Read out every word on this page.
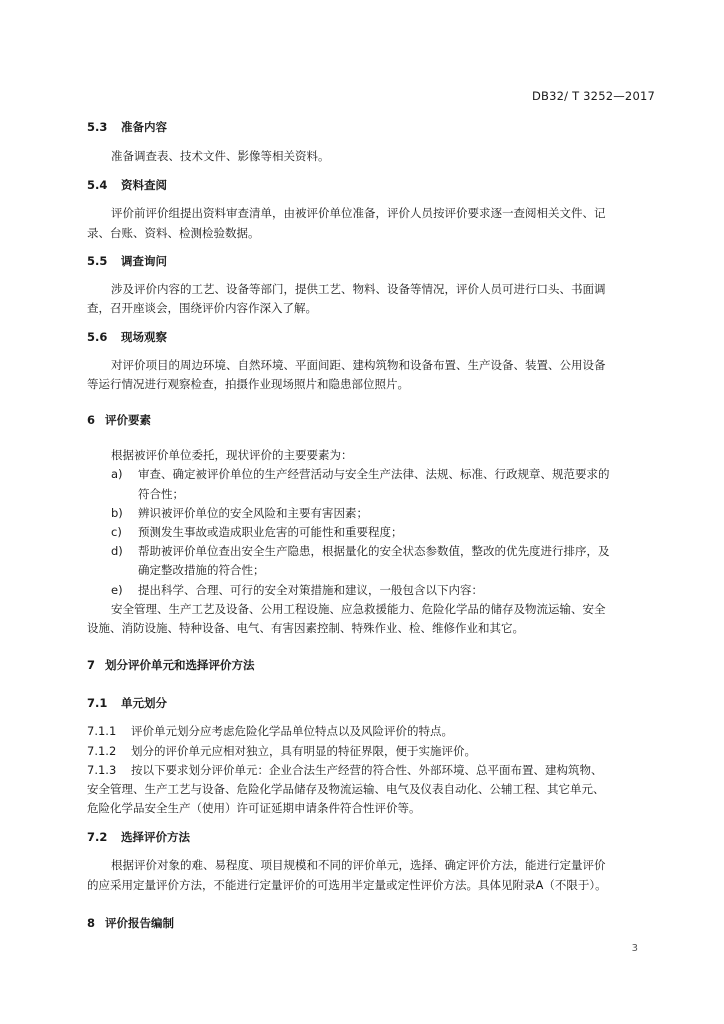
DB32/ T 3252—2017
5.3 准备内容
准备调查表、技术文件、影像等相关资料。
5.4 资料查阅
评价前评价组提出资料审查清单，由被评价单位准备，评价人员按评价要求逐一查阅相关文件、记
录、台账、资料、检测检验数据。
5.5 调查询问
涉及评价内容的工艺、设备等部门，提供工艺、物料、设备等情况，评价人员可进行口头、书面调
查，召开座谈会，围绕评价内容作深入了解。
5.6 现场观察
对评价项目的周边环境、自然环境、平面间距、建构筑物和设备布置、生产设备、装置、公用设备
等运行情况进行观察检查，拍摄作业现场照片和隐患部位照片。
6 评价要素
根据被评价单位委托，现状评价的主要要素为：
a) 审查、确定被评价单位的生产经营活动与安全生产法律、法规、标准、行政规章、规范要求的
符合性；
b) 辨识被评价单位的安全风险和主要有害因素；
c) 预测发生事故或造成职业危害的可能性和重要程度；
d) 帮助被评价单位查出安全生产隐患，根据量化的安全状态参数值，整改的优先度进行排序，及
确定整改措施的符合性；
e) 提出科学、合理、可行的安全对策措施和建议，一般包含以下内容：
安全管理、生产工艺及设备、公用工程设施、应急救援能力、危险化学品的储存及物流运输、安全
设施、消防设施、特种设备、电气、有害因素控制、特殊作业、检、维修作业和其它。
7 划分评价单元和选择评价方法
7.1 单元划分
7.1.1 评价单元划分应考虑危险化学品单位特点以及风险评价的特点。
7.1.2 划分的评价单元应相对独立，具有明显的特征界限，便于实施评价。
7.1.3 按以下要求划分评价单元：企业合法生产经营的符合性、外部环境、总平面布置、建构筑物、
安全管理、生产工艺与设备、危险化学品储存及物流运输、电气及仪表自动化、公辅工程、其它单元、
危险化学品安全生产（使用）许可证延期申请条件符合性评价等。
7.2 选择评价方法
根据评价对象的难、易程度、项目规模和不同的评价单元，选择、确定评价方法，能进行定量评价
的应采用定量评价方法，不能进行定量评价的可选用半定量或定性评价方法。具体见附录A（不限于）。
8 评价报告编制
3
